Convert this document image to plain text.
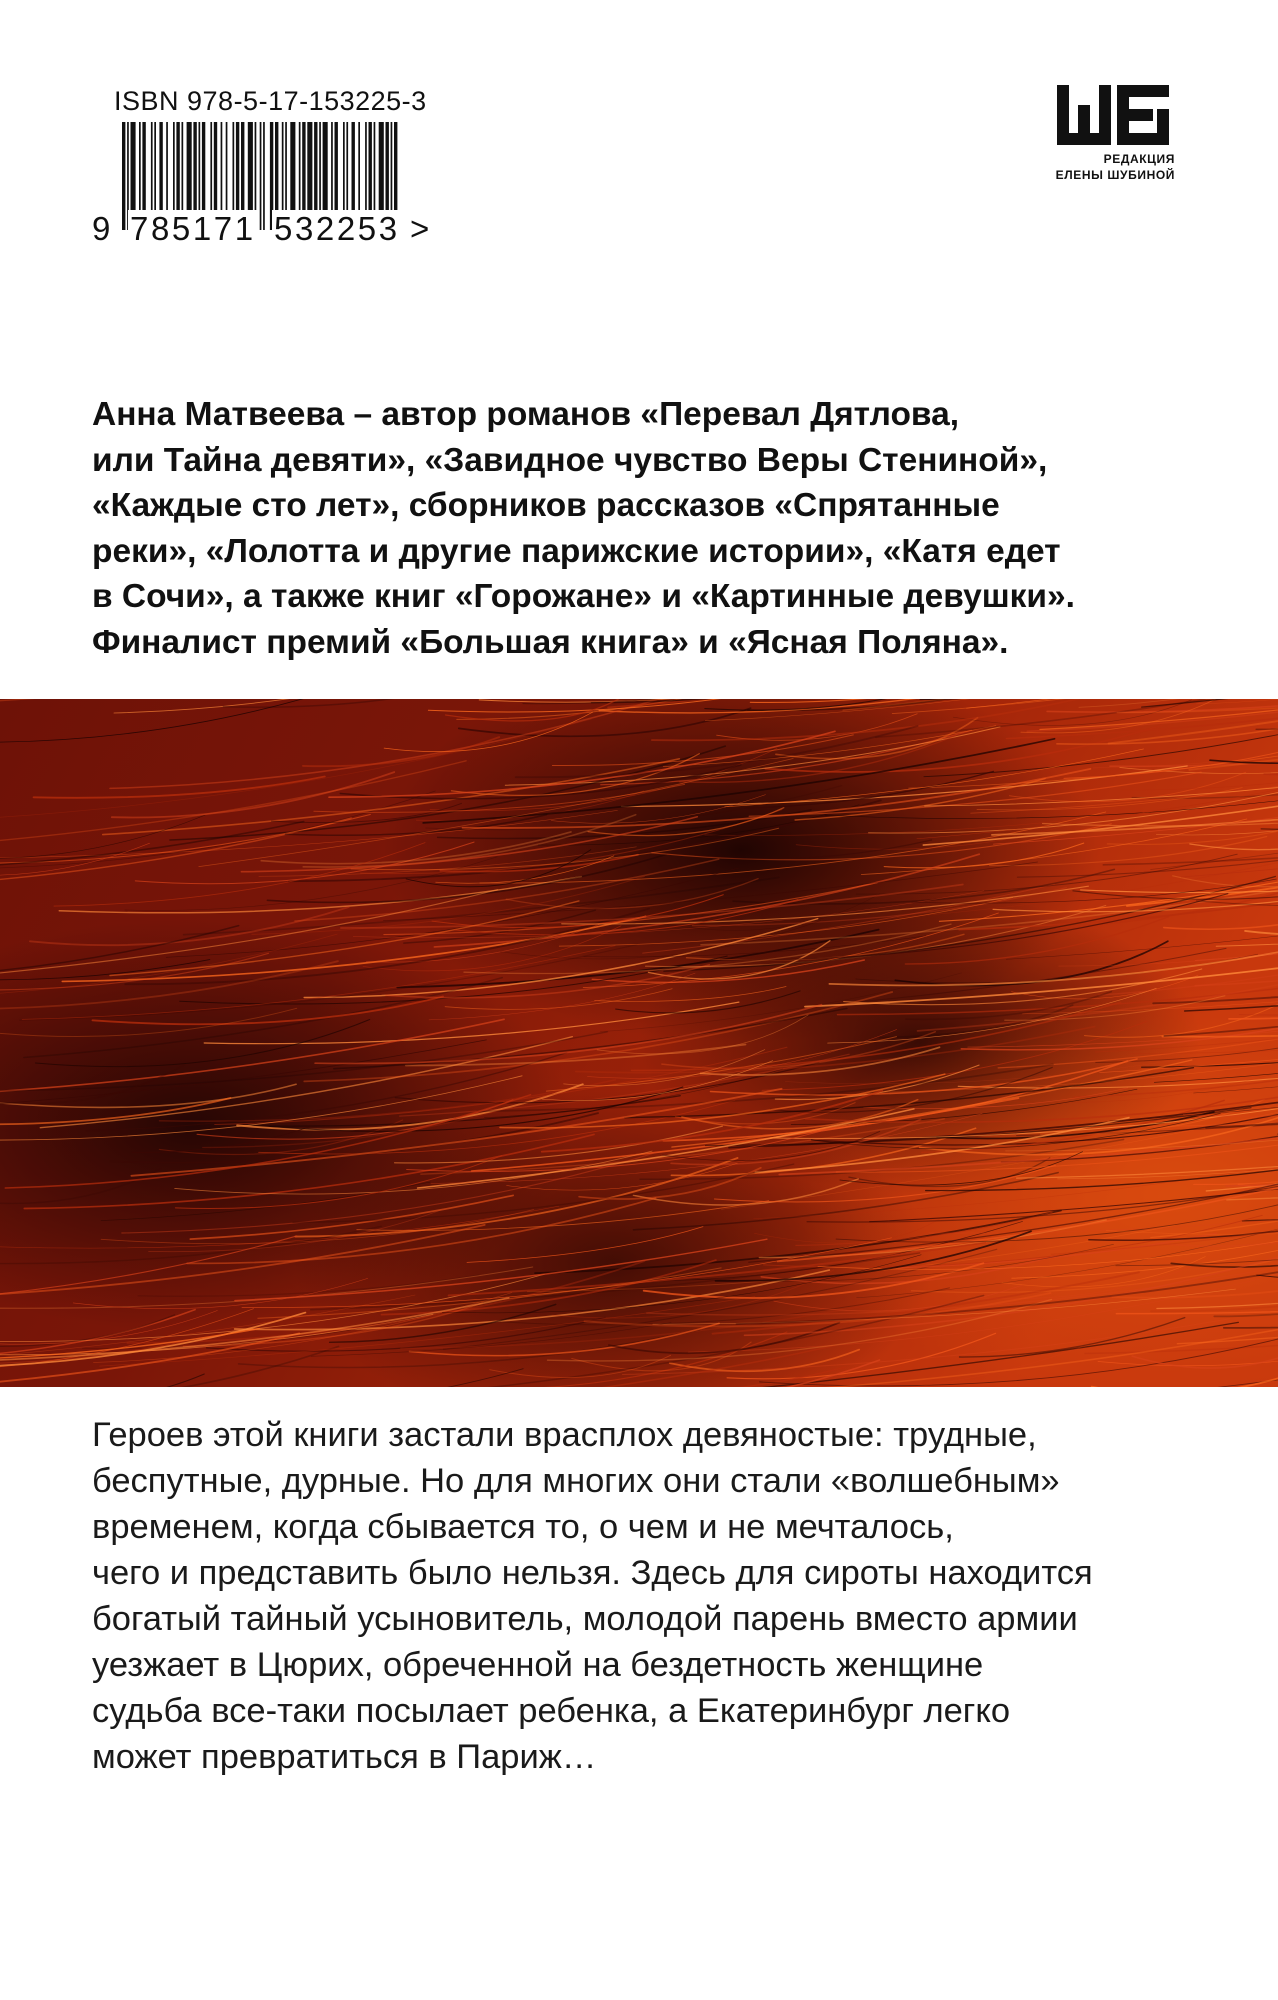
ISBN 978-5-17-153225-3
9 785171 532253 >
РЕДАКЦИЯ
ЕЛЕНЫ ШУБИНОЙ

Анна Матвеева – автор романов «Перевал Дятлова,
или Тайна девяти», «Завидное чувство Веры Стениной»,
«Каждые сто лет», сборников рассказов «Спрятанные
реки», «Лолотта и другие парижские истории», «Катя едет
в Сочи», а также книг «Горожане» и «Картинные девушки».
Финалист премий «Большая книга» и «Ясная Поляна».

Героев этой книги застали врасплох девяностые: трудные,
беспутные, дурные. Но для многих они стали «волшебным»
временем, когда сбывается то, о чем и не мечталось,
чего и представить было нельзя. Здесь для сироты находится
богатый тайный усыновитель, молодой парень вместо армии
уезжает в Цюрих, обреченной на бездетность женщине
судьба все-таки посылает ребенка, а Екатеринбург легко
может превратиться в Париж…
